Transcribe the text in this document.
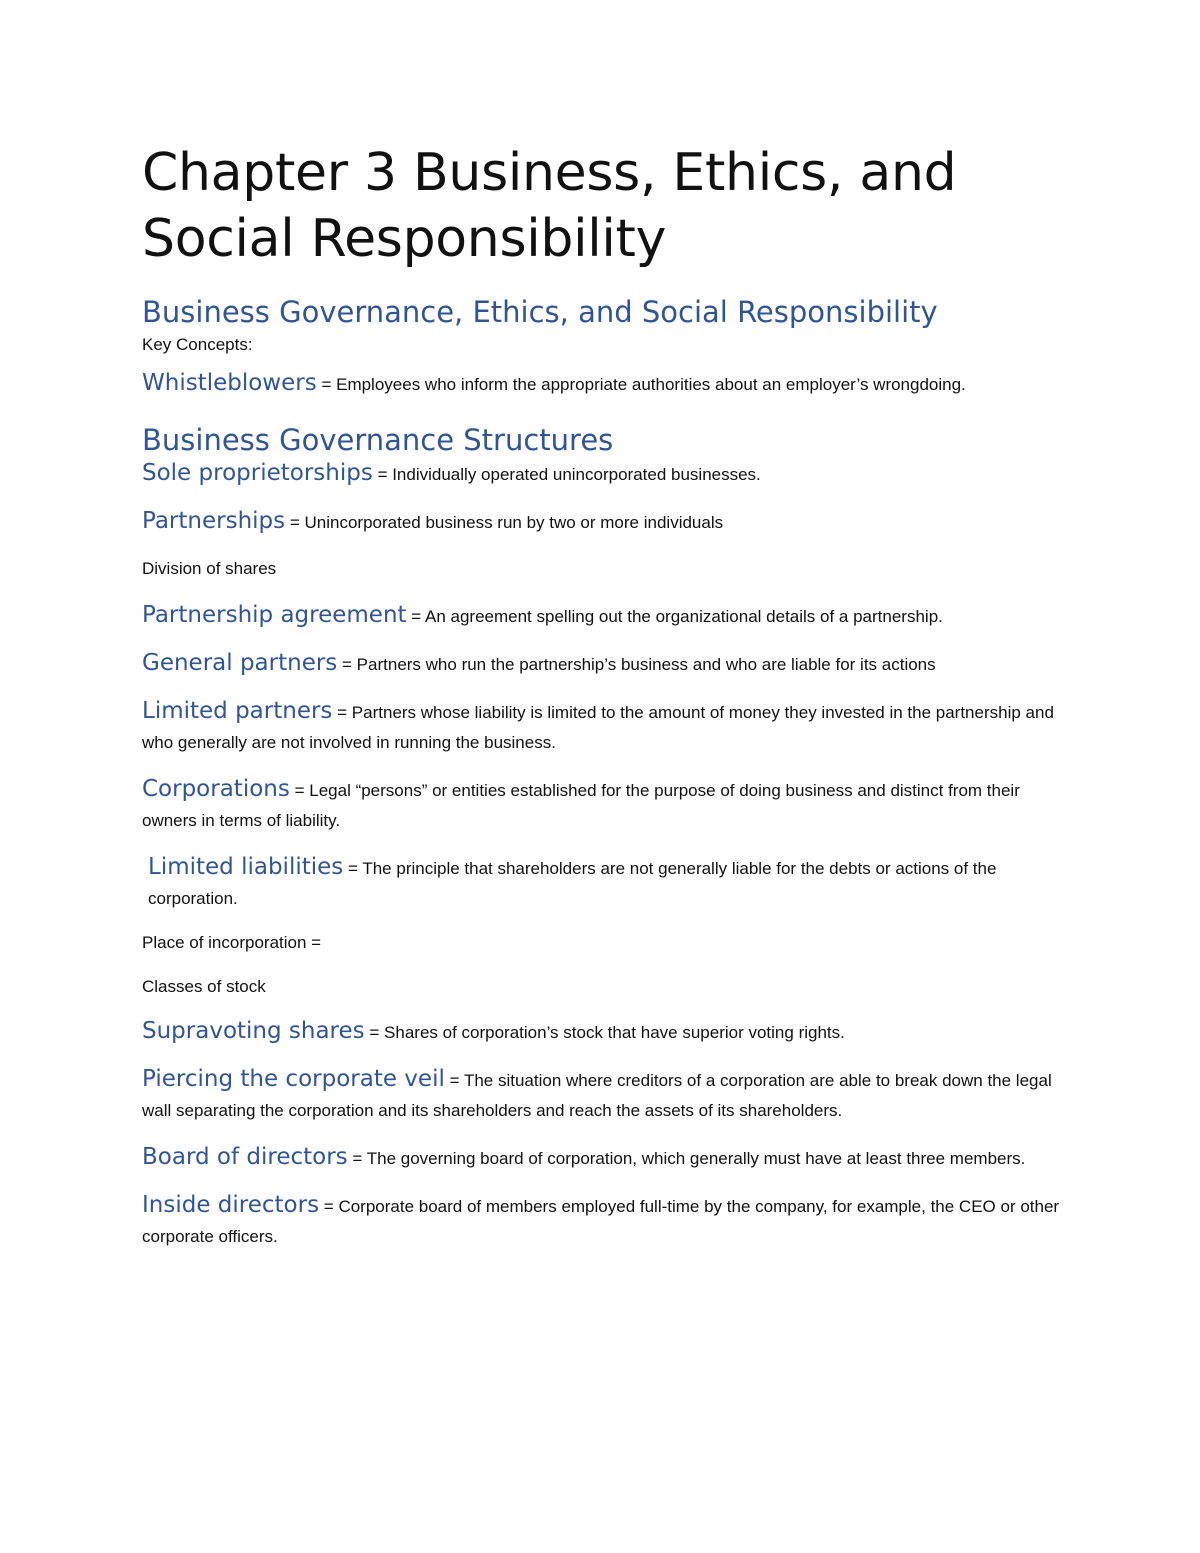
Chapter 3 Business, Ethics, and Social Responsibility
Business Governance, Ethics, and Social Responsibility

Key Concepts:

Whistleblowers = Employees who inform the appropriate authorities about an employer’s wrongdoing.

Business Governance Structures

Sole proprietorships = Individually operated unincorporated businesses.

Partnerships = Unincorporated business run by two or more individuals

Division of shares

Partnership agreement = An agreement spelling out the organizational details of a partnership.

General partners = Partners who run the partnership’s business and who are liable for its actions

Limited partners = Partners whose liability is limited to the amount of money they invested in the partnership and who generally are not involved in running the business.

Corporations = Legal “persons” or entities established for the purpose of doing business and distinct from their owners in terms of liability.

Limited liabilities = The principle that shareholders are not generally liable for the debts or actions of the corporation.

Place of incorporation =

Classes of stock

Supravoting shares = Shares of corporation’s stock that have superior voting rights.

Piercing the corporate veil = The situation where creditors of a corporation are able to break down the legal wall separating the corporation and its shareholders and reach the assets of its shareholders.

Board of directors = The governing board of corporation, which generally must have at least three members.

Inside directors = Corporate board of members employed full-time by the company, for example, the CEO or other corporate officers.
